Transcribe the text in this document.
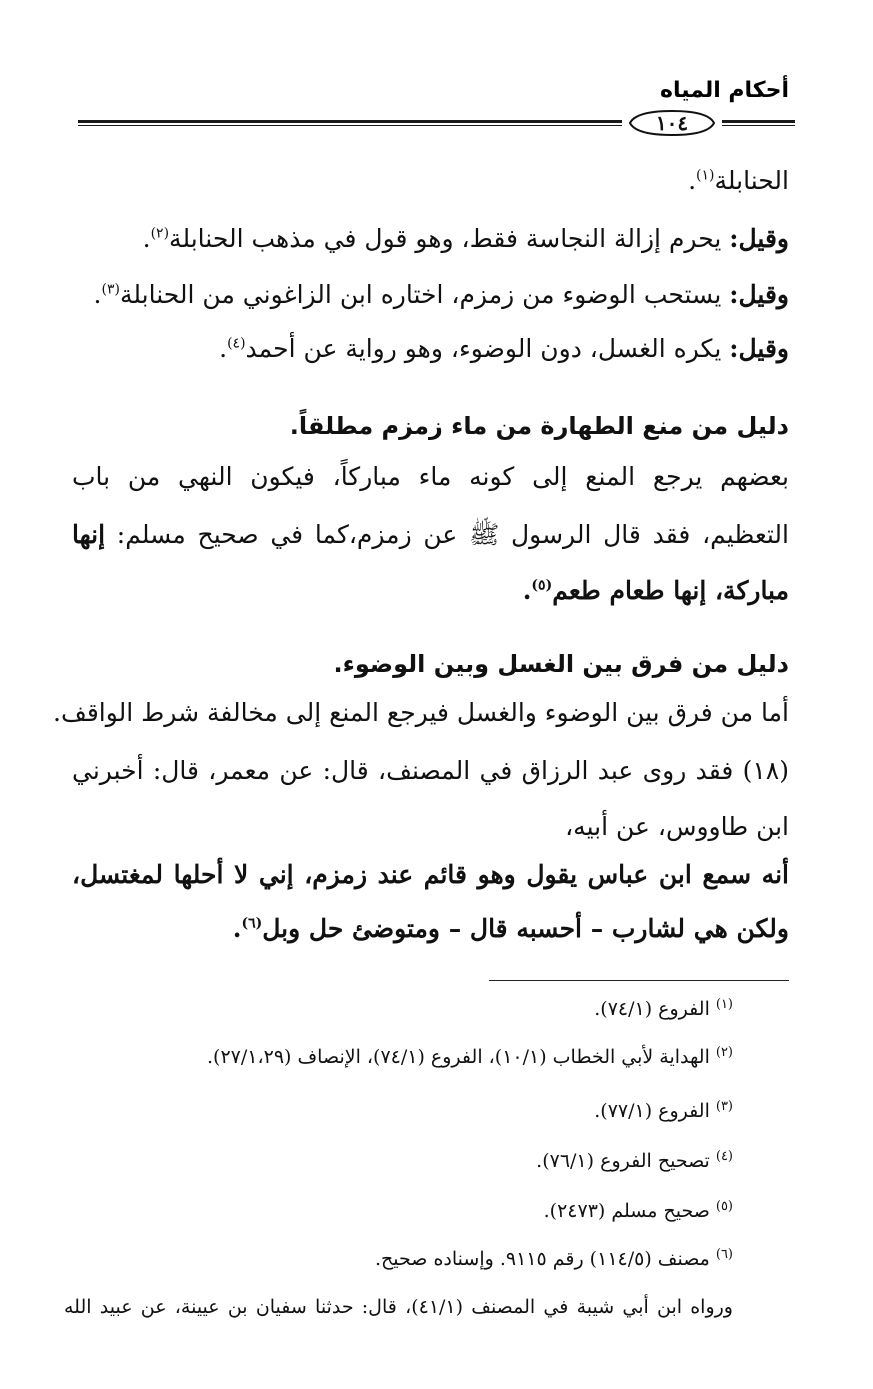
أحكام المياه
١٠٤
الحنابلة$^{(١)}$.
وقيل: يحرم إزالة النجاسة فقط، وهو قول في مذهب الحنابلة$^{(٢)}$.
وقيل: يستحب الوضوء من زمزم، اختاره ابن الزاغوني من الحنابلة$^{(٣)}$.
وقيل: يكره الغسل، دون الوضوء، وهو رواية عن أحمد$^{(٤)}$.
دليل من منع الطهارة من ماء زمزم مطلقاً.
بعضهم يرجع المنع إلى كونه ماء مباركاً، فيكون النهي من باب
التعظيم، فقد قال الرسول ﷺ عن زمزم،كما في صحيح مسلم: إنها
مباركة، إنها طعام طعم$^{(٥)}$.
دليل من فرق بين الغسل وبين الوضوء.
أما من فرق بين الوضوء والغسل فيرجع المنع إلى مخالفة شرط الواقف.
(١٨) فقد روى عبد الرزاق في المصنف، قال: عن معمر، قال: أخبرني
ابن طاووس، عن أبيه،
أنه سمع ابن عباس يقول وهو قائم عند زمزم، إني لا أحلها لمغتسل،
ولكن هي لشارب – أحسبه قال – ومتوضئ حل وبل$^{(٦)}$.
$^{(١)}$الفروع (٧٤/١).
$^{(٢)}$الهداية لأبي الخطاب (١٠/١)، الفروع (٧٤/١)، الإنصاف (٢٧/١،٢٩).
$^{(٣)}$الفروع (٧٧/١).
$^{(٤)}$تصحيح الفروع (٧٦/١).
$^{(٥)}$صحيح مسلم (٢٤٧٣).
$^{(٦)}$مصنف (١١٤/٥) رقم ٩١١٥. وإسناده صحيح.
ورواه ابن أبي شيبة في المصنف (٤١/١)، قال: حدثنا سفيان بن عيينة، عن عبيد الله
